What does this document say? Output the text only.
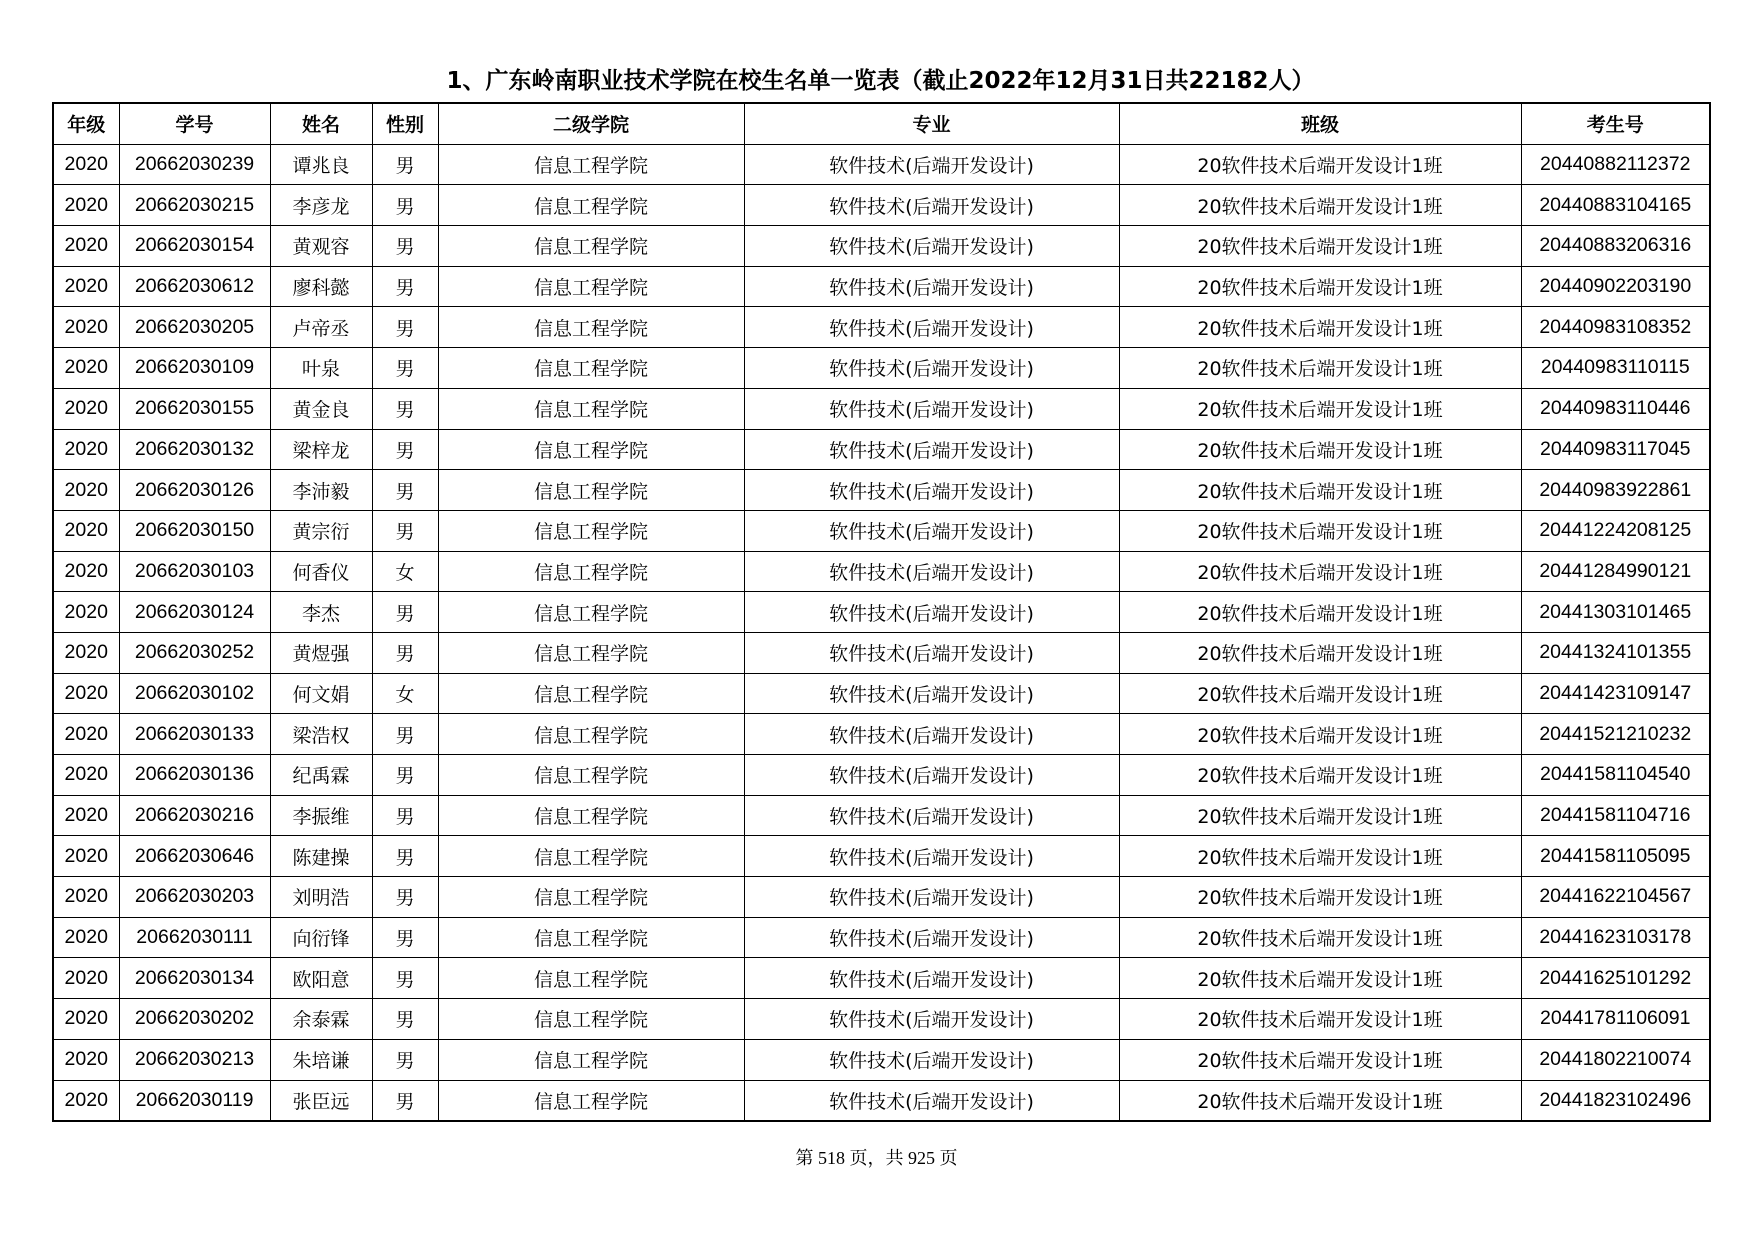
1、广东岭南职业技术学院在校生名单一览表（截止2022年12月31日共22182人）
年级	学号	姓名	性别	二级学院	专业	班级	考生号
2020	20662030239	谭兆良	男	信息工程学院	软件技术(后端开发设计)	20软件技术后端开发设计1班	20440882112372
2020	20662030215	李彦龙	男	信息工程学院	软件技术(后端开发设计)	20软件技术后端开发设计1班	20440883104165
2020	20662030154	黄观容	男	信息工程学院	软件技术(后端开发设计)	20软件技术后端开发设计1班	20440883206316
2020	20662030612	廖科懿	男	信息工程学院	软件技术(后端开发设计)	20软件技术后端开发设计1班	20440902203190
2020	20662030205	卢帝丞	男	信息工程学院	软件技术(后端开发设计)	20软件技术后端开发设计1班	20440983108352
2020	20662030109	叶泉	男	信息工程学院	软件技术(后端开发设计)	20软件技术后端开发设计1班	20440983110115
2020	20662030155	黄金良	男	信息工程学院	软件技术(后端开发设计)	20软件技术后端开发设计1班	20440983110446
2020	20662030132	梁梓龙	男	信息工程学院	软件技术(后端开发设计)	20软件技术后端开发设计1班	20440983117045
2020	20662030126	李沛毅	男	信息工程学院	软件技术(后端开发设计)	20软件技术后端开发设计1班	20440983922861
2020	20662030150	黄宗衍	男	信息工程学院	软件技术(后端开发设计)	20软件技术后端开发设计1班	20441224208125
2020	20662030103	何香仪	女	信息工程学院	软件技术(后端开发设计)	20软件技术后端开发设计1班	20441284990121
2020	20662030124	李杰	男	信息工程学院	软件技术(后端开发设计)	20软件技术后端开发设计1班	20441303101465
2020	20662030252	黄煜强	男	信息工程学院	软件技术(后端开发设计)	20软件技术后端开发设计1班	20441324101355
2020	20662030102	何文娟	女	信息工程学院	软件技术(后端开发设计)	20软件技术后端开发设计1班	20441423109147
2020	20662030133	梁浩权	男	信息工程学院	软件技术(后端开发设计)	20软件技术后端开发设计1班	20441521210232
2020	20662030136	纪禹霖	男	信息工程学院	软件技术(后端开发设计)	20软件技术后端开发设计1班	20441581104540
2020	20662030216	李振维	男	信息工程学院	软件技术(后端开发设计)	20软件技术后端开发设计1班	20441581104716
2020	20662030646	陈建操	男	信息工程学院	软件技术(后端开发设计)	20软件技术后端开发设计1班	20441581105095
2020	20662030203	刘明浩	男	信息工程学院	软件技术(后端开发设计)	20软件技术后端开发设计1班	20441622104567
2020	20662030111	向衍锋	男	信息工程学院	软件技术(后端开发设计)	20软件技术后端开发设计1班	20441623103178
2020	20662030134	欧阳意	男	信息工程学院	软件技术(后端开发设计)	20软件技术后端开发设计1班	20441625101292
2020	20662030202	余泰霖	男	信息工程学院	软件技术(后端开发设计)	20软件技术后端开发设计1班	20441781106091
2020	20662030213	朱培谦	男	信息工程学院	软件技术(后端开发设计)	20软件技术后端开发设计1班	20441802210074
2020	20662030119	张臣远	男	信息工程学院	软件技术(后端开发设计)	20软件技术后端开发设计1班	20441823102496
第 518 页，共 925 页
